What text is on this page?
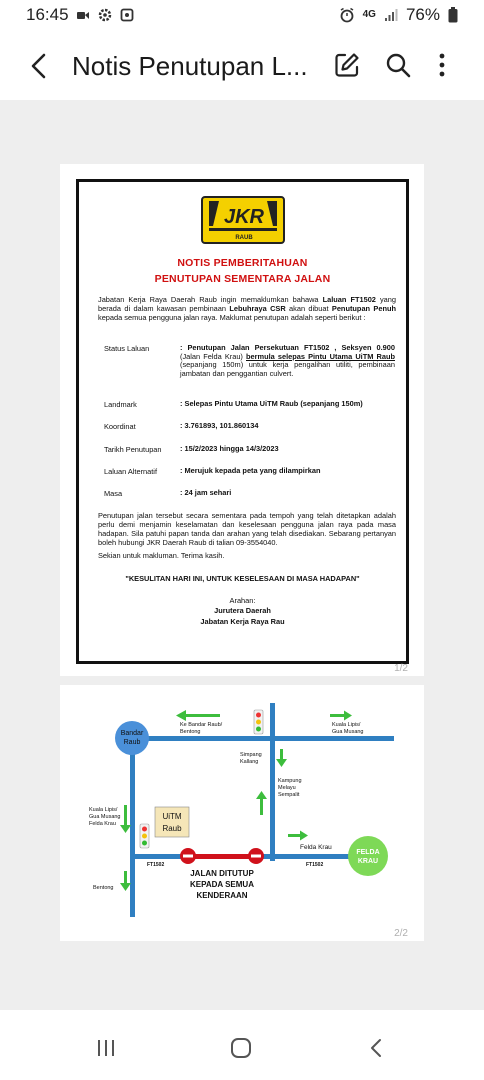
16:45	4G 76%
Notis Penutupan L...
JKR
RAUB
NOTIS PEMBERITAHUAN
PENUTUPAN SEMENTARA JALAN
Jabatan Kerja Raya Daerah Raub ingin memaklumkan bahawa Laluan FT1502 yang berada di dalam kawasan pembinaan Lebuhraya CSR akan dibuat Penutupan Penuh kepada semua pengguna jalan raya. Maklumat penutupan adalah seperti berikut :
Status Laluan	: Penutupan Jalan Persekutuan FT1502 , Seksyen 0.900 (Jalan Felda Krau) bermula selepas Pintu Utama UiTM Raub (sepanjang 150m) untuk kerja pengalihan utiliti, pembinaan jambatan dan penggantian culvert.
Landmark	: Selepas Pintu Utama UiTM Raub (sepanjang 150m)
Koordinat	: 3.761893, 101.860134
Tarikh Penutupan : 15/2/2023 hingga 14/3/2023
Laluan Alternatif	: Merujuk kepada peta yang dilampirkan
Masa	: 24 jam sehari
Penutupan jalan tersebut secara sementara pada tempoh yang telah ditetapkan adalah perlu demi menjamin keselamatan dan keselesaan pengguna jalan raya pada masa hadapan. Sila patuhi papan tanda dan arahan yang telah disediakan. Sebarang pertanyan boleh hubungi JKR Daerah Raub di talian 09-3554040.
Sekian untuk makluman. Terima kasih.
"KESULITAN HARI INI, UNTUK KESELESAAN DI MASA HADAPAN"
Arahan:
Jurutera Daerah
Jabatan Kerja Raya Rau
1/2
Bandar
Raub
FELDA
KRAU
UiTM
Raub
Ke Bandar Raub/
Bentong
Kuala Lipis/
Gua Musang
Simpang
Kallang
Kampung
Melayu
Sempalit
Kuala Lipis/
Gua Musang
Felda Krau
Bentong
Felda Krau
FT1502	FT1502
JALAN DITUTUP
KEPADA SEMUA
KENDERAAN
2/2
